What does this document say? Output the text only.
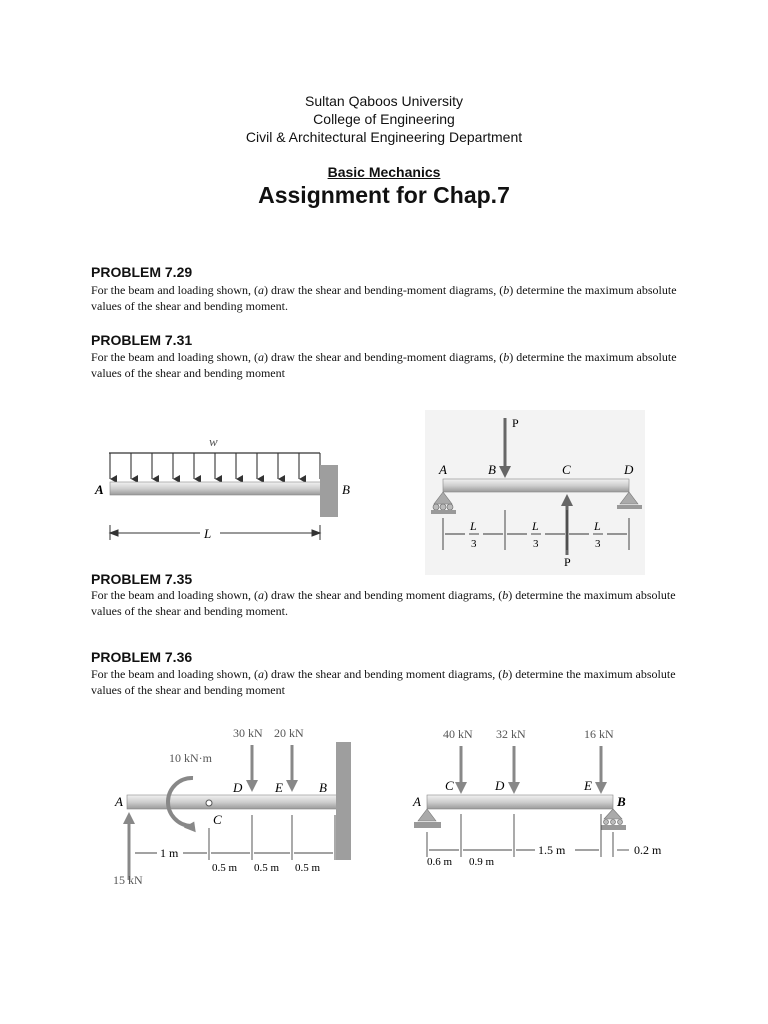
Sultan Qaboos University
College of Engineering
Civil & Architectural Engineering Department
Basic Mechanics
Assignment for Chap.7
PROBLEM 7.29
For the beam and loading shown, (a) draw the shear and bending-moment diagrams, (b) determine the maximum absolute values of the shear and bending moment.
PROBLEM 7.31
For the beam and loading shown, (a) draw the shear and bending-moment diagrams, (b) determine the maximum absolute values of the shear and bending moment
w
A	B
L
P
A	B	C	D
P
L
3
L
3
L
3
PROBLEM 7.35
For the beam and loading shown, (a) draw the shear and bending moment diagrams, (b) determine the maximum absolute values of the shear and bending moment.
PROBLEM 7.36
For the beam and loading shown, (a) draw the shear and bending moment diagrams, (b) determine the maximum absolute values of the shear and bending moment
30 kN 20 kN
10 kN·m
D	E	B
A
C
15 kN
1 m
0.5 m 0.5 m 0.5 m
40 kN 32 kN	16 kN
C	D	E
A	B
0.6 m 0.9 m
1.5 m	0.2 m
